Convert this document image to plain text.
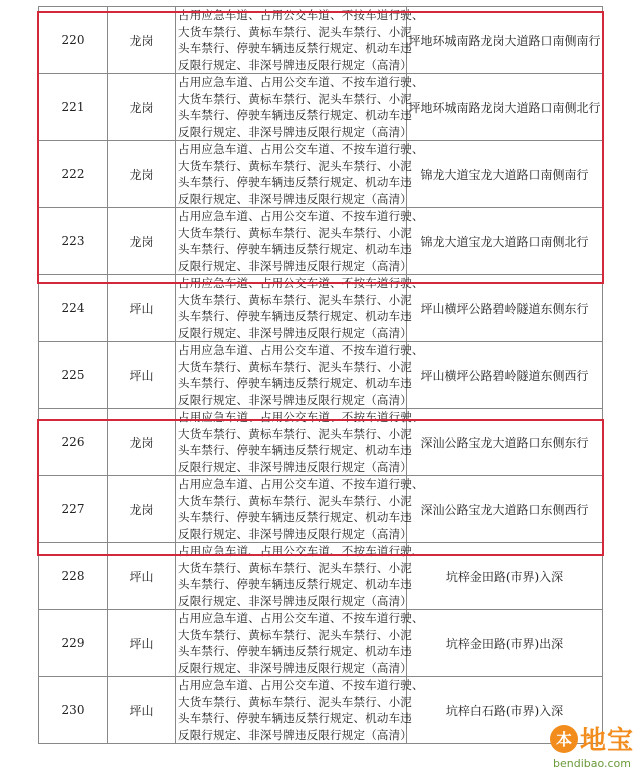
220	龙岗	占用应急车道、占用公交车道、不按车道行驶、
大货车禁行、黄标车禁行、泥头车禁行、小泥
头车禁行、停驶车辆违反禁行规定、机动车违
反限行规定、非深号牌违反限行规定（高清）	坪地环城南路龙岗大道路口南侧南行
221	龙岗	占用应急车道、占用公交车道、不按车道行驶、
大货车禁行、黄标车禁行、泥头车禁行、小泥
头车禁行、停驶车辆违反禁行规定、机动车违
反限行规定、非深号牌违反限行规定（高清）	坪地环城南路龙岗大道路口南侧北行
222	龙岗	占用应急车道、占用公交车道、不按车道行驶、
大货车禁行、黄标车禁行、泥头车禁行、小泥
头车禁行、停驶车辆违反禁行规定、机动车违
反限行规定、非深号牌违反限行规定（高清）	锦龙大道宝龙大道路口南侧南行
223	龙岗	占用应急车道、占用公交车道、不按车道行驶、
大货车禁行、黄标车禁行、泥头车禁行、小泥
头车禁行、停驶车辆违反禁行规定、机动车违
反限行规定、非深号牌违反限行规定（高清）	锦龙大道宝龙大道路口南侧北行
224	坪山	占用应急车道、占用公交车道、不按车道行驶、
大货车禁行、黄标车禁行、泥头车禁行、小泥
头车禁行、停驶车辆违反禁行规定、机动车违
反限行规定、非深号牌违反限行规定（高清）	坪山横坪公路碧岭隧道东侧东行
225	坪山	占用应急车道、占用公交车道、不按车道行驶、
大货车禁行、黄标车禁行、泥头车禁行、小泥
头车禁行、停驶车辆违反禁行规定、机动车违
反限行规定、非深号牌违反限行规定（高清）	坪山横坪公路碧岭隧道东侧西行
226	龙岗	占用应急车道、占用公交车道、不按车道行驶、
大货车禁行、黄标车禁行、泥头车禁行、小泥
头车禁行、停驶车辆违反禁行规定、机动车违
反限行规定、非深号牌违反限行规定（高清）	深汕公路宝龙大道路口东侧东行
227	龙岗	占用应急车道、占用公交车道、不按车道行驶、
大货车禁行、黄标车禁行、泥头车禁行、小泥
头车禁行、停驶车辆违反禁行规定、机动车违
反限行规定、非深号牌违反限行规定（高清）	深汕公路宝龙大道路口东侧西行
228	坪山	占用应急车道、占用公交车道、不按车道行驶、
大货车禁行、黄标车禁行、泥头车禁行、小泥
头车禁行、停驶车辆违反禁行规定、机动车违
反限行规定、非深号牌违反限行规定（高清）	坑梓金田路(市界)入深
229	坪山	占用应急车道、占用公交车道、不按车道行驶、
大货车禁行、黄标车禁行、泥头车禁行、小泥
头车禁行、停驶车辆违反禁行规定、机动车违
反限行规定、非深号牌违反限行规定（高清）	坑梓金田路(市界)出深
230	坪山	占用应急车道、占用公交车道、不按车道行驶、
大货车禁行、黄标车禁行、泥头车禁行、小泥
头车禁行、停驶车辆违反禁行规定、机动车违
反限行规定、非深号牌违反限行规定（高清）	坑梓白石路(市界)入深
本 地宝
bendibao.com
